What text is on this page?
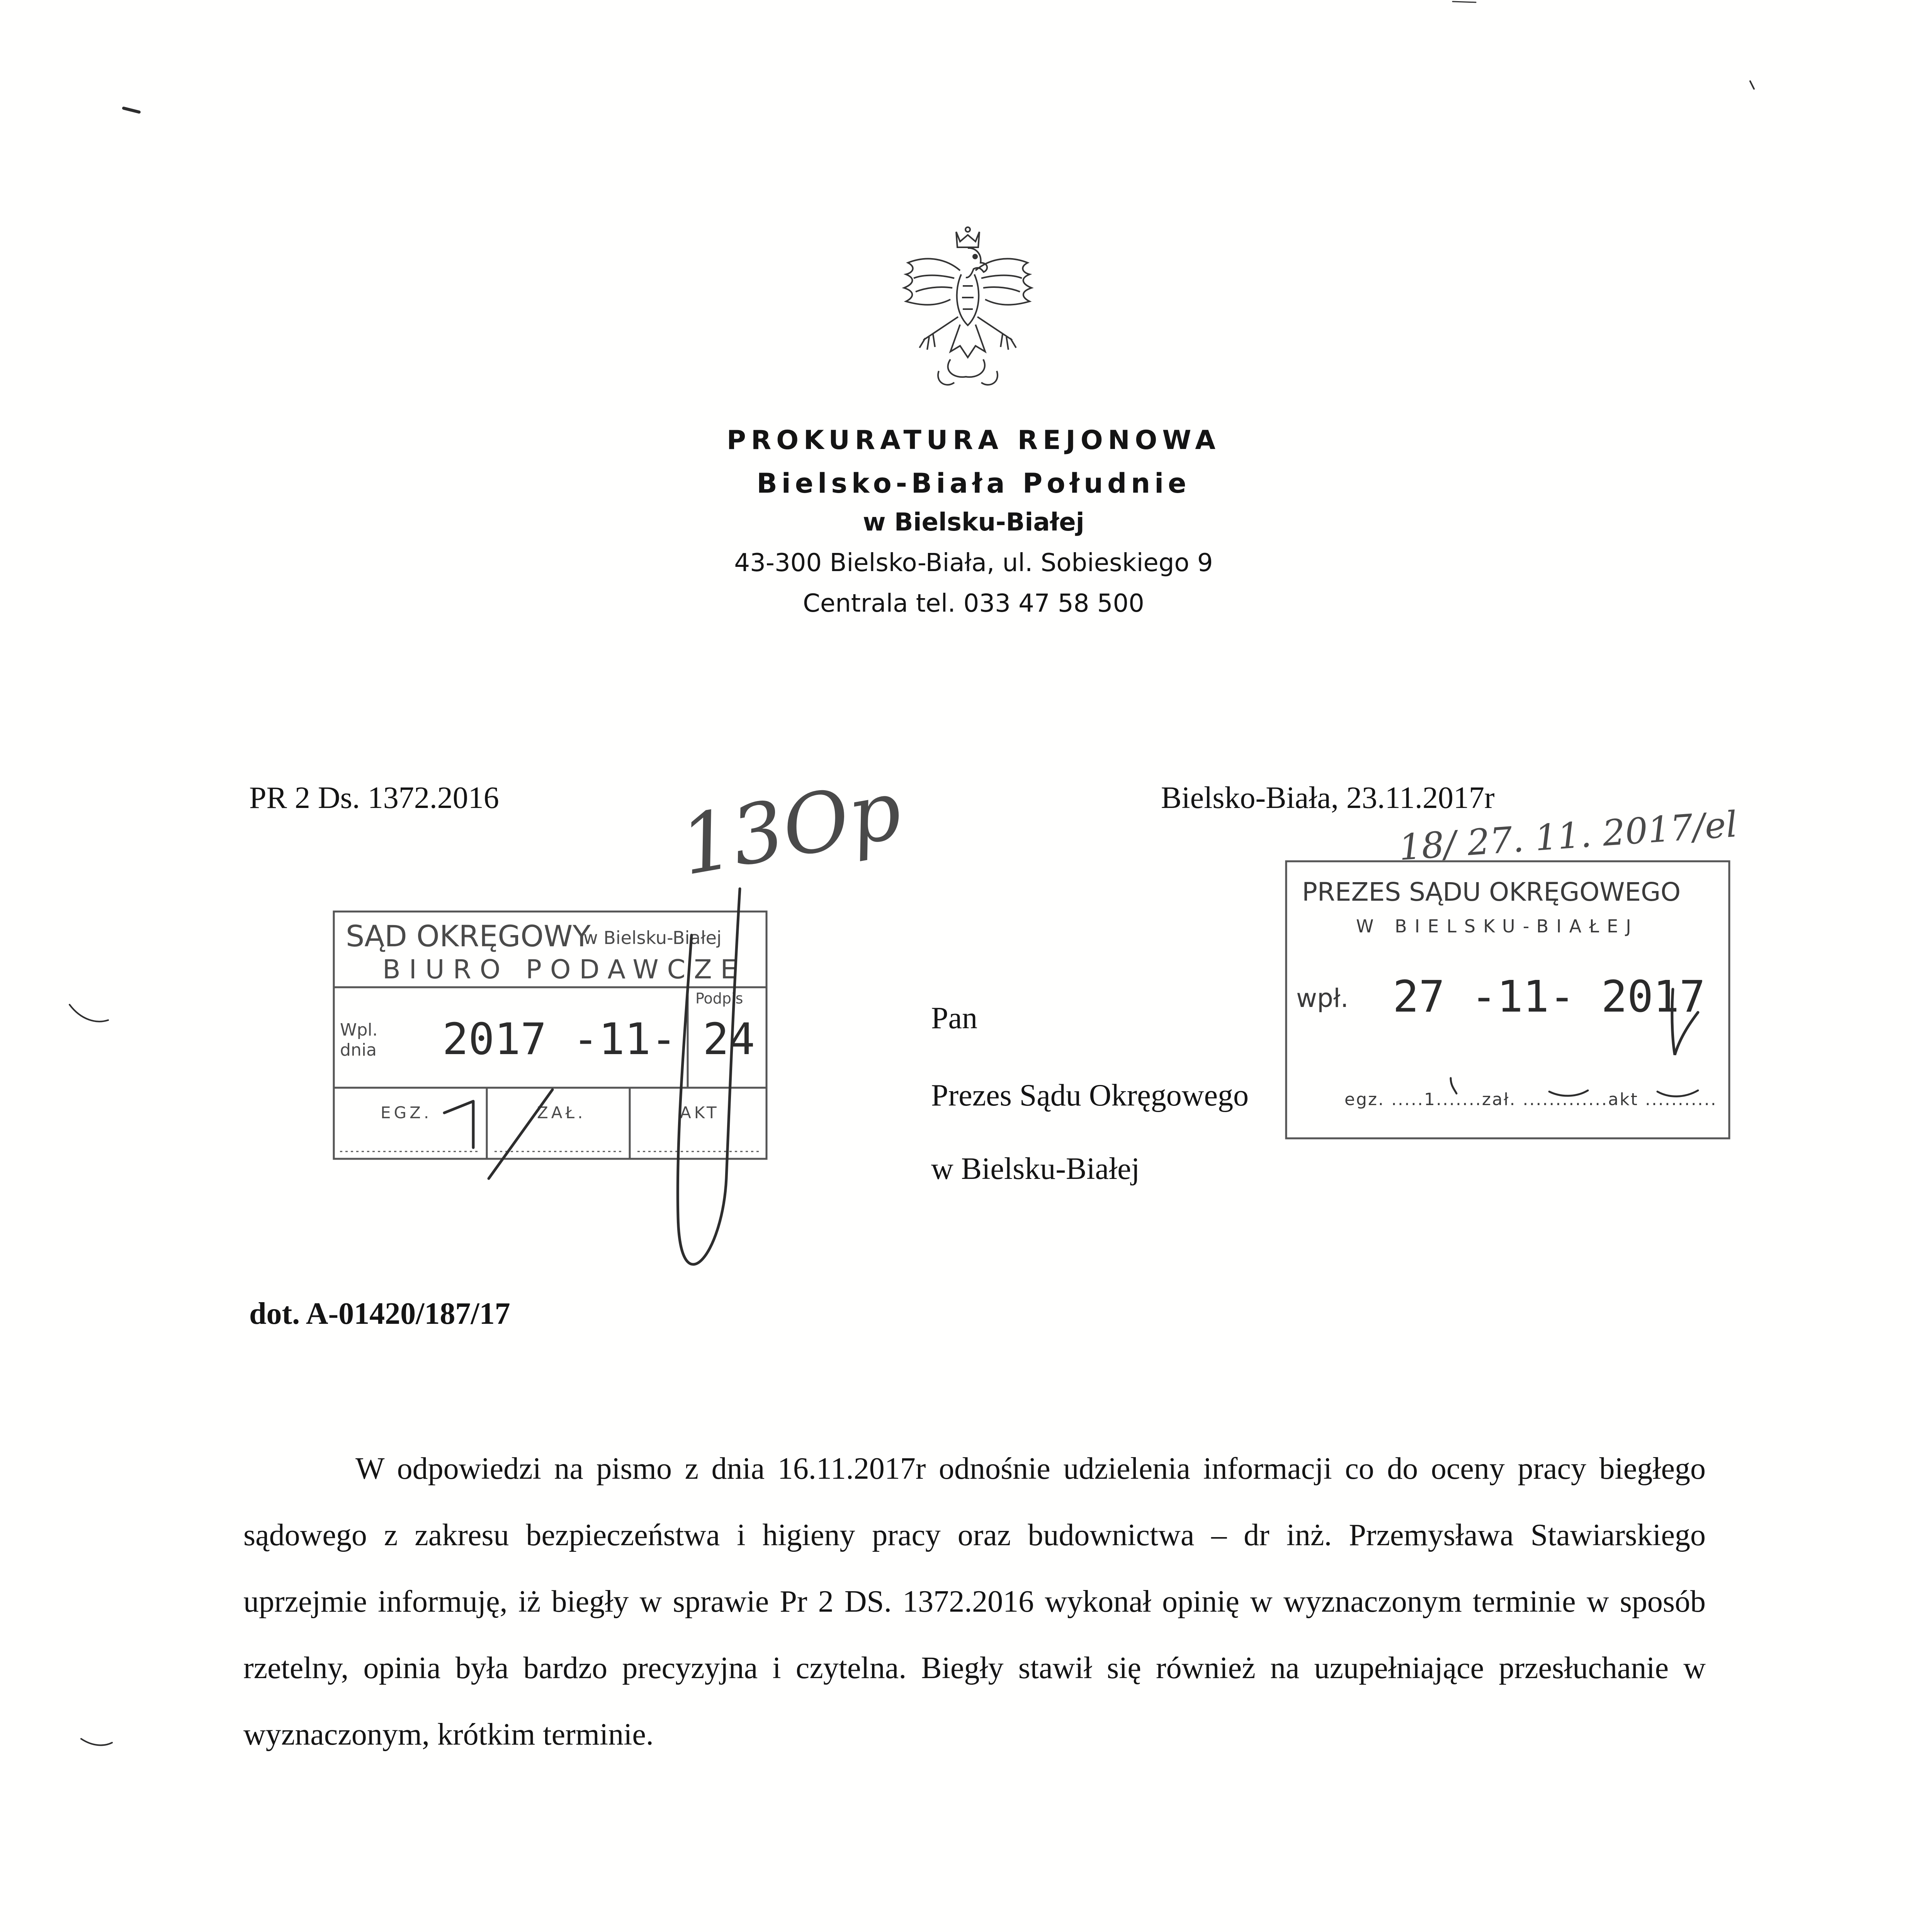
PROKURATURA REJONOWA
Bielsko-Biała Południe
w Bielsku-Białej
43-300 Bielsko-Biała, ul. Sobieskiego 9
Centrala tel. 033 47 58 500
PR 2 Ds. 1372.2016	Bielsko-Biała, 23.11.2017r
Pan
Prezes Sądu Okręgowego
w Bielsku-Białej
dot. A-01420/187/17

W odpowiedzi na pismo z dnia 16.11.2017r odnośnie udzielenia informacji co do oceny pracy biegłego sądowego z zakresu bezpieczeństwa i higieny pracy oraz budownictwa – dr inż. Przemysława Stawiarskiego uprzejmie informuję, iż biegły w sprawie Pr 2 DS. 1372.2016 wykonał opinię w wyznaczonym terminie w sposób rzetelny, opinia była bardzo precyzyjna i czytelna. Biegły stawił się również na uzupełniające przesłuchanie w wyznaczonym, krótkim terminie.

SĄD OKRĘGOWY
w Bielsku-Białej
BIURO PODAWCZE
Podpis
Wpl. dnia 2017 -11- 24
EGZ.	ZAŁ.	AKT
PREZES SĄDU OKRĘGOWEGO
W BIELSKU-BIAŁEJ
wpł. 27 -11- 2017
egz. .....1.......zał. .............akt ...........
18/ 27. 11. 2017/el
13Op
